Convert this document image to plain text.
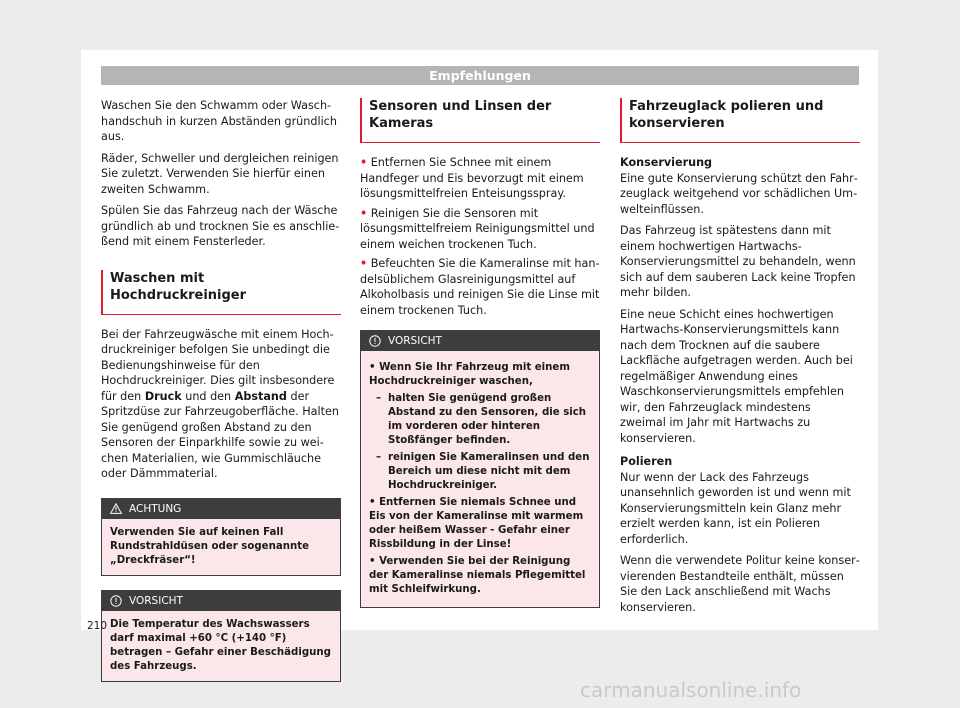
Empfehlungen

Waschen Sie den Schwamm oder Waschhandschuh in kurzen Abständen gründlich aus.

Räder, Schweller und dergleichen reinigen Sie zuletzt. Verwenden Sie hierfür einen zweiten Schwamm.

Spülen Sie das Fahrzeug nach der Wäsche gründlich ab und trocknen Sie es anschließend mit einem Fensterleder.

Waschen mit Hochdruckreiniger

Bei der Fahrzeugwäsche mit einem Hochdruckreiniger befolgen Sie unbedingt die Bedienungshinweise für den Hochdruckreiniger. Dies gilt insbesondere für den Druck und den Abstand der Spritzdüse zur Fahrzeugoberfläche. Halten Sie genügend großen Abstand zu den Sensoren der Einparkhilfe sowie zu weichen Materialien, wie Gummischläuche oder Dämmmaterial.

ACHTUNG
Verwenden Sie auf keinen Fall Rundstrahldüsen oder sogenannte „Dreckfräser“!
VORSICHT
Die Temperatur des Wachswassers darf maximal +60 °C (+140 °F) betragen – Gefahr einer Beschädigung des Fahrzeugs.
Sensoren und Linsen der Kameras

• Entfernen Sie Schnee mit einem Handfeger und Eis bevorzugt mit einem lösungsmittelfreien Enteisungsspray.

• Reinigen Sie die Sensoren mit lösungsmittelfreiem Reinigungsmittel und einem weichen trockenen Tuch.

• Befeuchten Sie die Kameralinse mit handelsüblichem Glasreinigungsmittel auf Alkoholbasis und reinigen Sie die Linse mit einem trockenen Tuch.

VORSICHT
• Wenn Sie Ihr Fahrzeug mit einem Hochdruckreiniger waschen,
– halten Sie genügend großen Abstand zu den Sensoren, die sich im vorderen oder hinteren Stoßfänger befinden.
– reinigen Sie Kameralinsen und den Bereich um diese nicht mit dem Hochdruckreiniger.
• Entfernen Sie niemals Schnee und Eis von der Kameralinse mit warmem oder heißem Wasser - Gefahr einer Rissbildung in der Linse!
• Verwenden Sie bei der Reinigung der Kameralinse niemals Pflegemittel mit Schleifwirkung.
Fahrzeuglack polieren und konservieren

Konservierung

Eine gute Konservierung schützt den Fahrzeuglack weitgehend vor schädlichen Umwelteinflüssen.

Das Fahrzeug ist spätestens dann mit einem hochwertigen Hartwachs-Konservierungsmittel zu behandeln, wenn sich auf dem sauberen Lack keine Tropfen mehr bilden.

Eine neue Schicht eines hochwertigen Hartwachs-Konservierungsmittels kann nach dem Trocknen auf die saubere Lackfläche aufgetragen werden. Auch bei regelmäßiger Anwendung eines Waschkonservierungsmittels empfehlen wir, den Fahrzeuglack mindestens zweimal im Jahr mit Hartwachs zu konservieren.

Polieren

Nur wenn der Lack des Fahrzeugs unansehnlich geworden ist und wenn mit Konservierungsmitteln kein Glanz mehr erzielt werden kann, ist ein Polieren erforderlich.

Wenn die verwendete Politur keine konservierenden Bestandteile enthält, müssen Sie den Lack anschließend mit Wachs konservieren.

210
carmanualsonline.info
